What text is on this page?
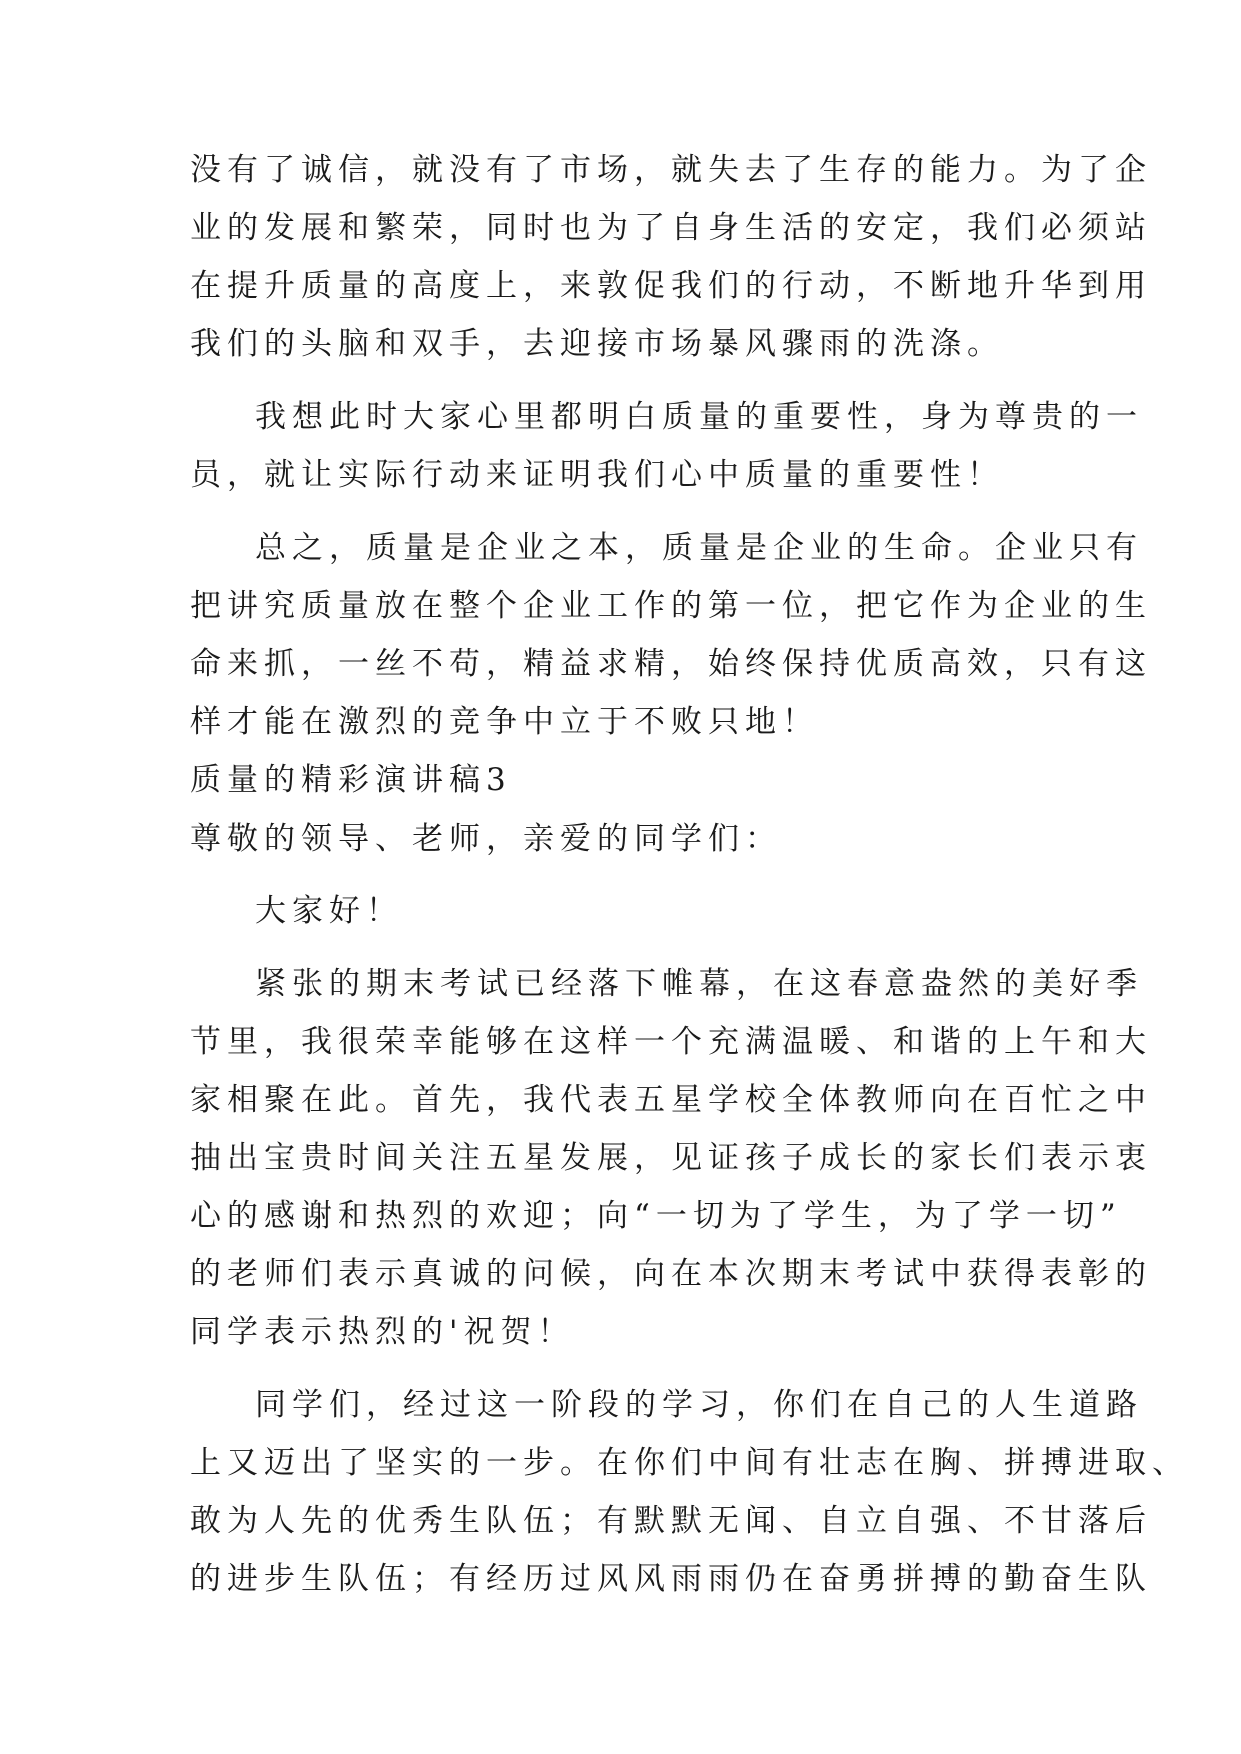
没有了诚信，就没有了市场，就失去了生存的能力。为了企
业的发展和繁荣，同时也为了自身生活的安定，我们必须站
在提升质量的高度上，来敦促我们的行动，不断地升华到用
我们的头脑和双手，去迎接市场暴风骤雨的洗涤。
我想此时大家心里都明白质量的重要性，身为尊贵的一
员，就让实际行动来证明我们心中质量的重要性！
总之，质量是企业之本，质量是企业的生命。企业只有
把讲究质量放在整个企业工作的第一位，把它作为企业的生
命来抓，一丝不苟，精益求精，始终保持优质高效，只有这
样才能在激烈的竞争中立于不败只地！
质量的精彩演讲稿3
尊敬的领导、老师，亲爱的同学们：
大家好！
紧张的期末考试已经落下帷幕，在这春意盎然的美好季
节里，我很荣幸能够在这样一个充满温暖、和谐的上午和大
家相聚在此。首先，我代表五星学校全体教师向在百忙之中
抽出宝贵时间关注五星发展，见证孩子成长的家长们表示衷
心的感谢和热烈的欢迎；向“一切为了学生，为了学一切”
的老师们表示真诚的问候，向在本次期末考试中获得表彰的
同学表示热烈的'祝贺！
同学们，经过这一阶段的学习，你们在自己的人生道路
上又迈出了坚实的一步。在你们中间有壮志在胸、拼搏进取、
敢为人先的优秀生队伍；有默默无闻、自立自强、不甘落后
的进步生队伍；有经历过风风雨雨仍在奋勇拼搏的勤奋生队
